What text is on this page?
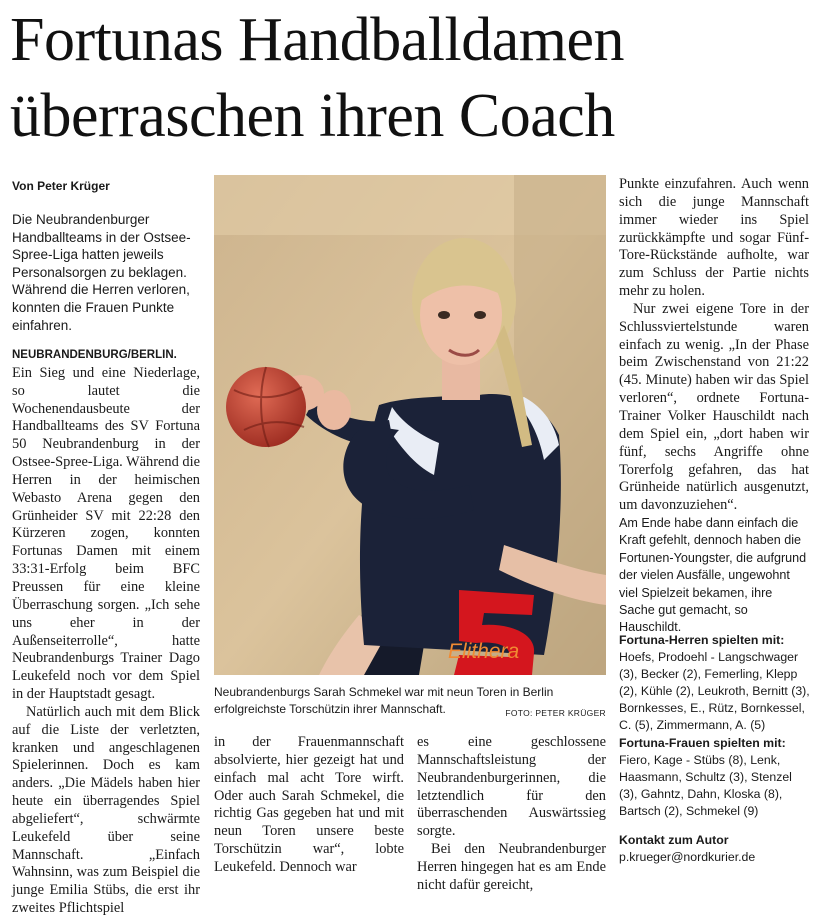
Fortunas Handballdamen
überraschen ihren Coach
Von Peter Krüger

Die Neubrandenburger Handballteams in der Ostsee-Spree-Liga hatten jeweils Personalsorgen zu beklagen. Während die Herren verloren, konnten die Frauen Punkte einfahren.

NEUBRANDENBURG/BERLIN. Ein Sieg und eine Niederlage, so lautet die Wochenendausbeute der Handballteams des SV Fortuna 50 Neubrandenburg in der Ostsee-Spree-Liga. Während die Herren in der heimischen Webasto Arena gegen den Grünheider SV mit 22:28 den Kürzeren zogen, konnten Fortunas Damen mit einem 33:31-Erfolg beim BFC Preussen für eine kleine Überraschung sorgen. „Ich sehe uns eher in der Außenseiterrolle“, hatte Neubrandenburgs Trainer Dago Leukefeld noch vor dem Spiel in der Hauptstadt gesagt.

Natürlich auch mit dem Blick auf die Liste der verletzten, kranken und angeschlagenen Spielerinnen. Doch es kam anders. „Die Mädels haben hier heute ein überragendes Spiel abgeliefert“, schwärmte Leukefeld über seine Mannschaft. „Einfach Wahnsinn, was zum Beispiel die junge Emilia Stübs, die erst ihr zweites Pflichtspiel

Elithera

Neubrandenburgs Sarah Schmekel war mit neun Toren in Berlin erfolgreichste Torschützin ihrer Mannschaft.	FOTO: PETER KRÜGER

in der Frauenmannschaft absolvierte, hier gezeigt hat und einfach mal acht Tore wirft. Oder auch Sarah Schmekel, die richtig Gas gegeben hat und mit neun Toren unsere beste Torschützin war“, lobte Leukefeld. Dennoch war

es eine geschlossene Mannschaftsleistung der Neubrandenburgerinnen, die letztendlich für den überraschenden Auswärtssieg sorgte.

Bei den Neubrandenburger Herren hingegen hat es am Ende nicht dafür gereicht,

Punkte einzufahren. Auch wenn sich die junge Mannschaft immer wieder ins Spiel zurückkämpfte und sogar Fünf-Tore-Rückstände aufholte, war zum Schluss der Partie nichts mehr zu holen.

Nur zwei eigene Tore in der Schlussviertelstunde waren einfach zu wenig. „In der Phase beim Zwischenstand von 21:22 (45. Minute) haben wir das Spiel verloren“, ordnete Fortuna-Trainer Volker Hauschildt nach dem Spiel ein, „dort haben wir fünf, sechs Angriffe ohne Torerfolg gefahren, das hat Grünheide natürlich ausgenutzt, um davonzuziehen“.

Am Ende habe dann einfach die Kraft gefehlt, dennoch haben die Fortunen-Youngster, die aufgrund der vielen Ausfälle, ungewohnt viel Spielzeit bekamen, ihre Sache gut gemacht, so Hauschildt.

Fortuna-Herren spielten mit:
Hoefs, Prodoehl - Langschwager (3), Becker (2), Femerling, Klepp (2), Kühle (2), Leukroth, Bernitt (3), Bornkesses, E., Rütz, Bornkessel, C. (5), Zimmermann, A. (5)
Fortuna-Frauen spielten mit:
Fiero, Kage - Stübs (8), Lenk, Haasmann, Schultz (3), Stenzel (3), Gahntz, Dahn, Kloska (8), Bartsch (2), Schmekel (9)
Kontakt zum Autor
p.krueger@nordkurier.de
